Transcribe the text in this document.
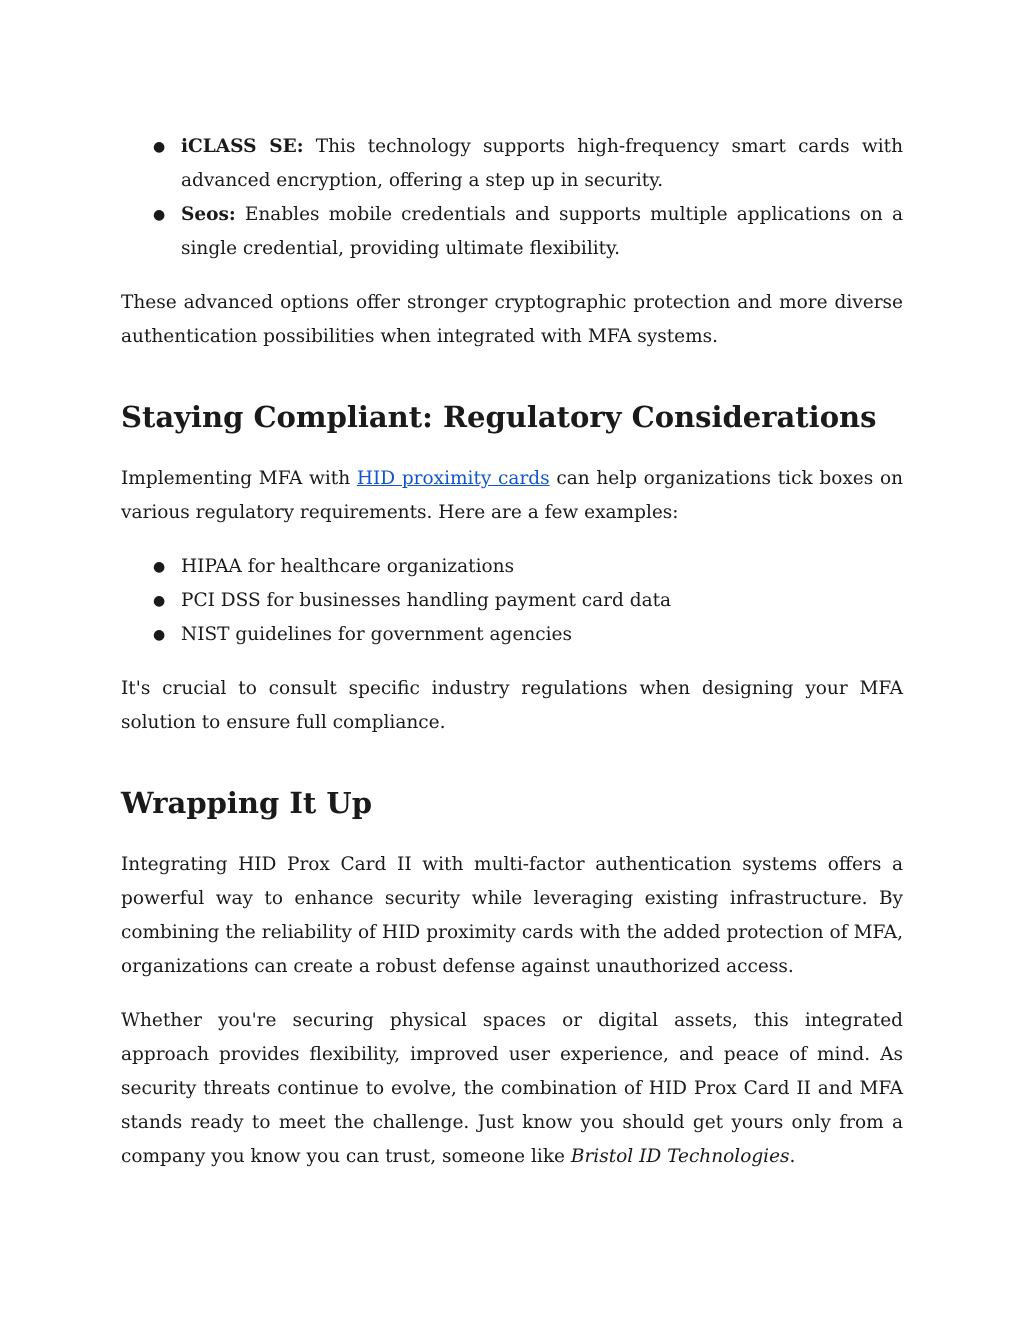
● iCLASS SE: This technology supports high-frequency smart cards with advanced encryption, offering a step up in security.
● Seos: Enables mobile credentials and supports multiple applications on a single credential, providing ultimate flexibility.

These advanced options offer stronger cryptographic protection and more diverse authentication possibilities when integrated with MFA systems.

Staying Compliant: Regulatory Considerations

Implementing MFA with HID proximity cards can help organizations tick boxes on various regulatory requirements. Here are a few examples:

● HIPAA for healthcare organizations
● PCI DSS for businesses handling payment card data
● NIST guidelines for government agencies

It's crucial to consult specific industry regulations when designing your MFA solution to ensure full compliance.

Wrapping It Up

Integrating HID Prox Card II with multi-factor authentication systems offers a powerful way to enhance security while leveraging existing infrastructure. By combining the reliability of HID proximity cards with the added protection of MFA, organizations can create a robust defense against unauthorized access.

Whether you're securing physical spaces or digital assets, this integrated approach provides flexibility, improved user experience, and peace of mind. As security threats continue to evolve, the combination of HID Prox Card II and MFA stands ready to meet the challenge. Just know you should get yours only from a company you know you can trust, someone like Bristol ID Technologies.
